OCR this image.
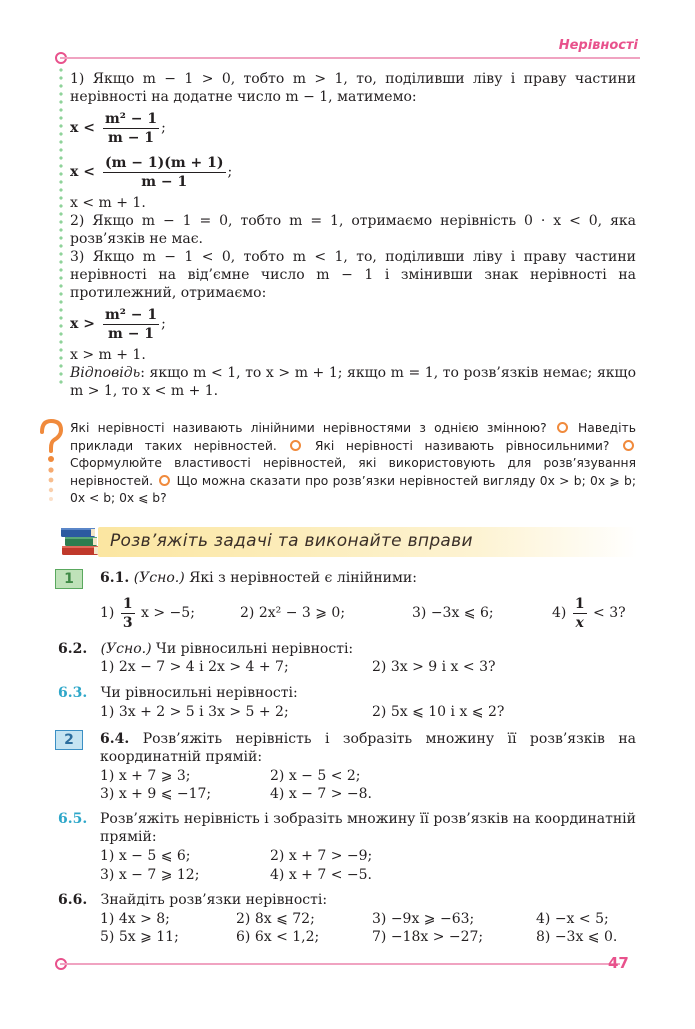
Нерівності

1) Якщо m − 1 > 0, тобто m > 1, то, поділивши ліву і праву частини нерівності на додатне число m − 1, матимемо:

$x < \frac{\text{m² − 1}}{m - 1}$ ;
$x < \frac{(m - 1)(m + 1)}{m - 1}$ ;

x < m + 1.

2) Якщо m − 1 = 0, тобто m = 1, отримаємо нерівність 0 · x < 0, яка розв’язків не має.

3) Якщо m − 1 < 0, тобто m < 1, то, поділивши ліву і праву частини нерівності на від’ємне число m − 1 і змінивши знак нерівності на протилежний, отримаємо:

$x > \frac{\text{m² − 1}}{m - 1}$ ;

x > m + 1.

Відповідь: якщо m < 1, то x > m + 1; якщо m = 1, то розв’язків немає; якщо m > 1, то x < m + 1.

Які нерівності називають лінійними нерівностями з однією змінною?	Наведіть приклади таких нерівностей.	Які нерівності називають рівносильними?  Сформулюйте властивості нерівностей, які використовують для розв’язування нерівностей. Що можна сказати про розв’язки нерівностей вигляду 0x > b; 0x ⩾ b; 0x < b; 0x ⩽ b?
Розв’яжіть задачі та виконайте вправи
1	6.1. (Усно.) Які з нерівностей є лінійними:
1)
$\frac{1}{3}$
x > −5;	2) 2x² − 3 ⩾ 0;	3) −3x ⩽ 6;	4)
$\frac{1}{x}$
< 3?
6.2. (Усно.) Чи рівносильні нерівності:
1) 2x − 7 > 4 і 2x > 4 + 7;	2) 3x > 9 і x < 3?
6.3. Чи рівносильні нерівності:
1) 3x + 2 > 5 і 3x > 5 + 2;	2) 5x ⩽ 10 і x ⩽ 2?
2	6.4. Розв’яжіть нерівність і зобразіть множину її розв’язків на координатній прямій:
1) x + 7 ⩾ 3;	2) x − 5 < 2;
3) x + 9 ⩽ −17;	4) x − 7 > −8.
6.5. Розв’яжіть нерівність і зобразіть множину її розв’язків на координатній прямій:
1) x − 5 ⩽ 6;	2) x + 7 > −9;
3) x − 7 ⩾ 12;	4) x + 7 < −5.
6.6. Знайдіть розв’язки нерівності:
1) 4x > 8;	2) 8x ⩽ 72;	3) −9x ⩾ −63;	4) −x < 5;
5) 5x ⩾ 11;	6) 6x < 1,2;	7) −18x > −27;	8) −3x ⩽ 0.
47
